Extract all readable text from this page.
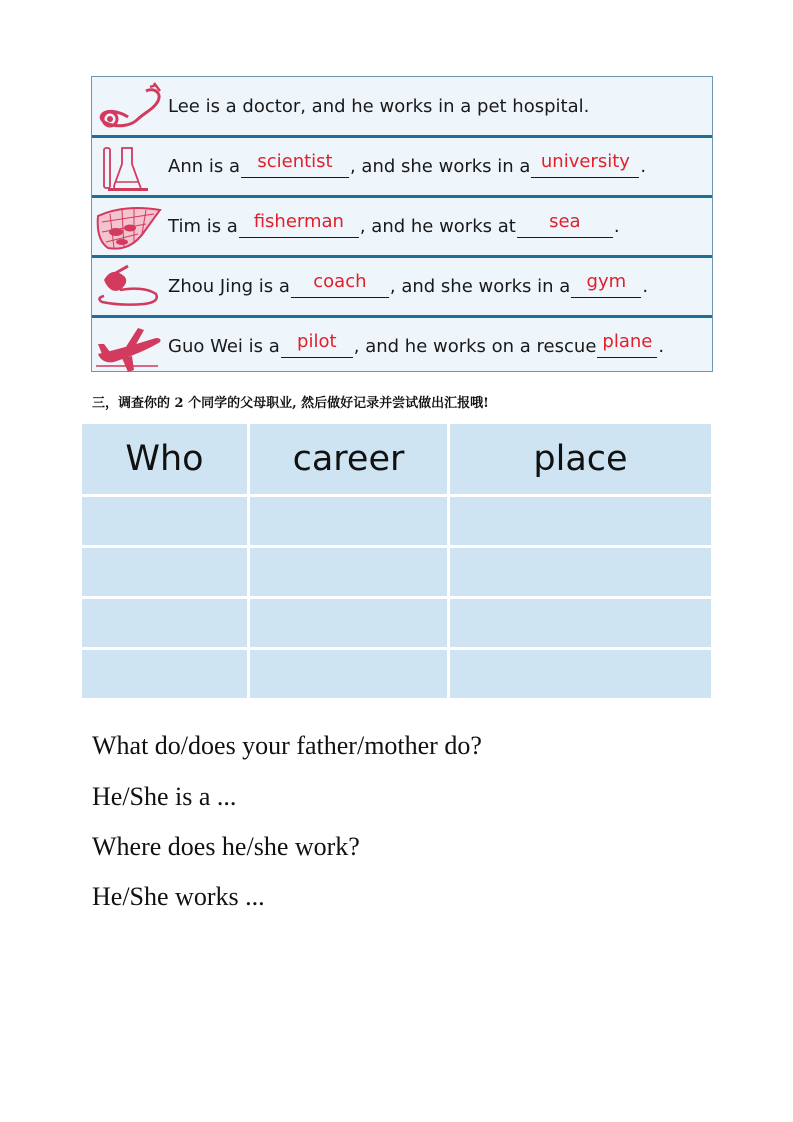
Lee is a doctor, and he works in a pet hospital.
Ann is a scientist , and she works in a university .
Tim is a fisherman , and he works at	sea	.
Zhou Jing is a	coach	, and she works in a gym .
Guo Wei is a pilot , and he works on a rescue plane .
三，调查你的 2 个同学的父母职业, 然后做好记录并尝试做出汇报哦!
Who	career	place
What do/does your father/mother do?
He/She is a ...
Where does he/she work?
He/She works ...
